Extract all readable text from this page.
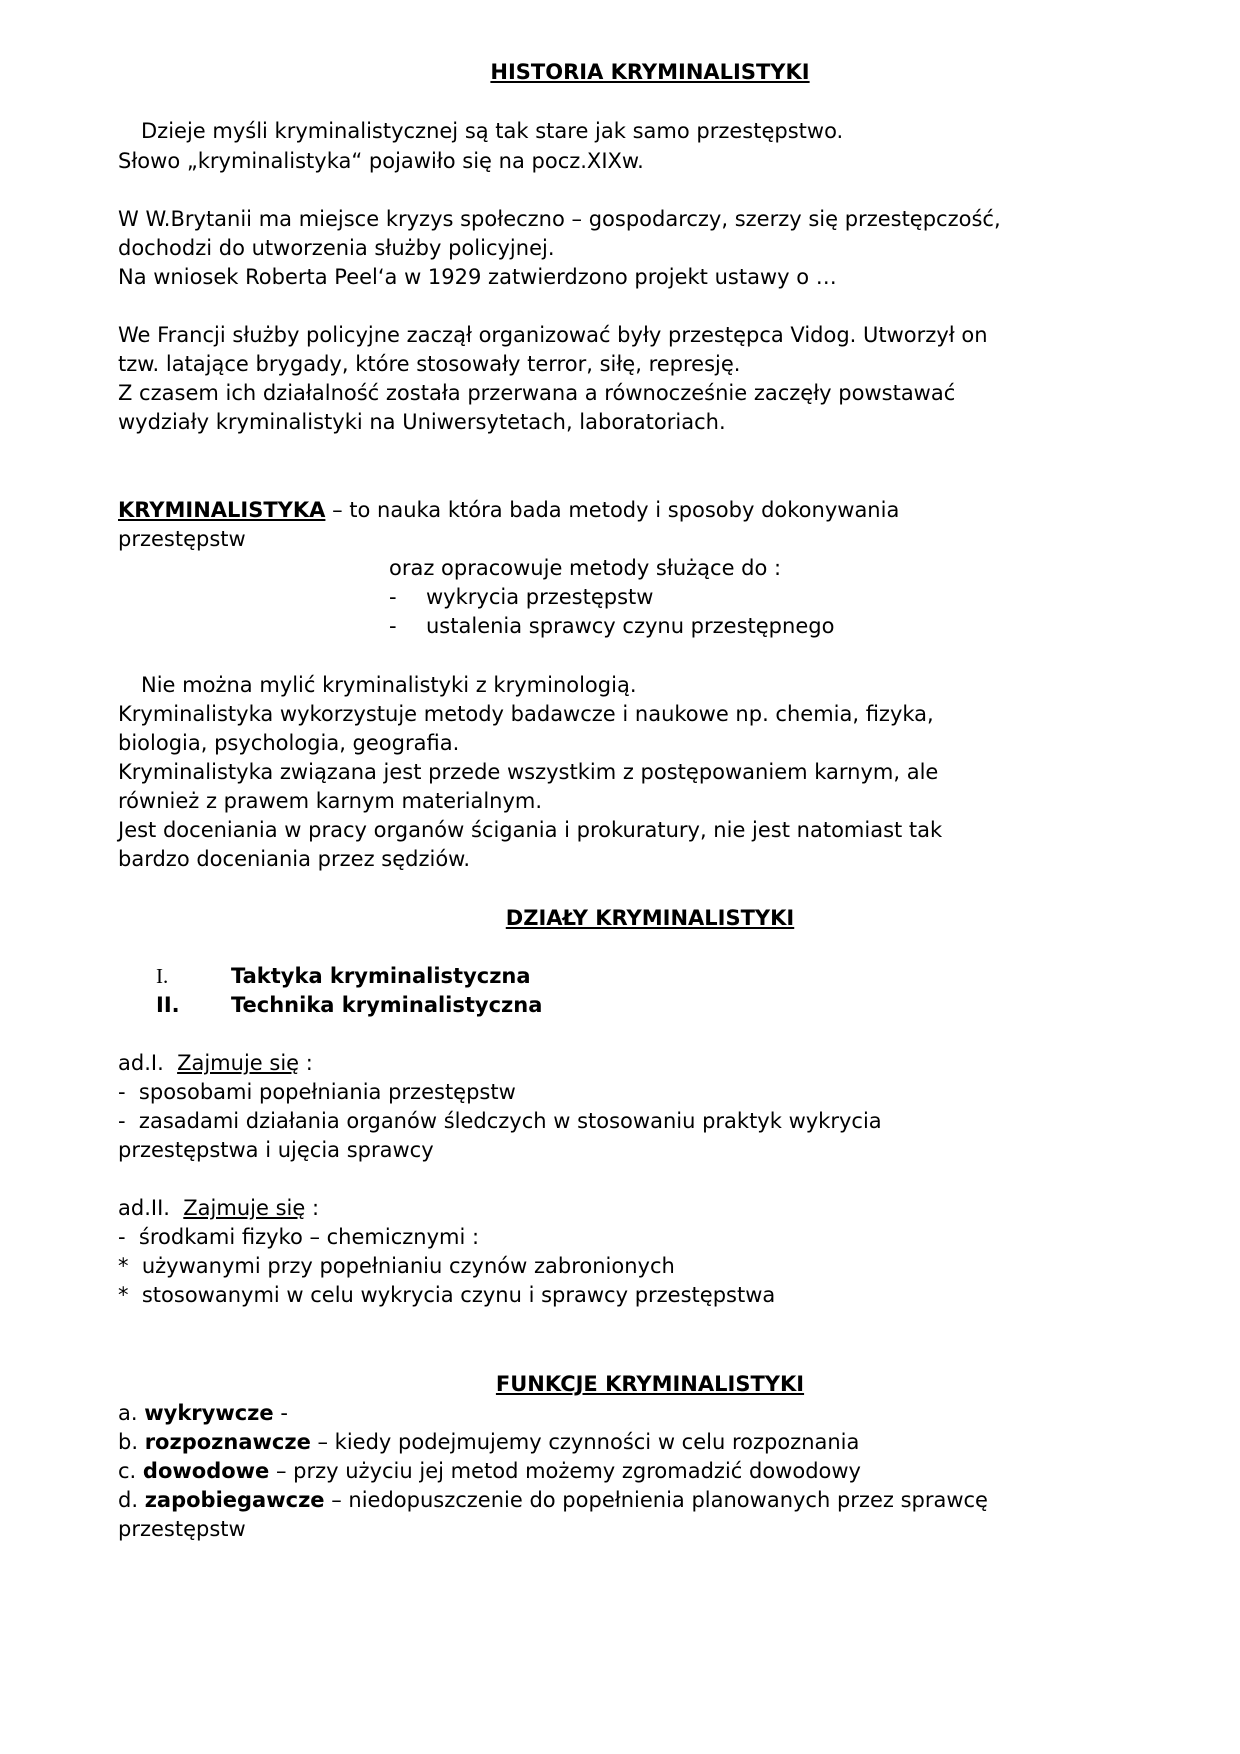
HISTORIA KRYMINALISTYKI
Dzieje myśli kryminalistycznej są tak stare jak samo przestępstwo.
Słowo „kryminalistyka“ pojawiło się na pocz.XIXw.
W W.Brytanii ma miejsce kryzys społeczno – gospodarczy, szerzy się przestępczość,
dochodzi do utworzenia służby policyjnej.
Na wniosek Roberta Peel‘a w 1929 zatwierdzono projekt ustawy o …
We Francji służby policyjne zaczął organizować były przestępca Vidog. Utworzył on
tzw. latające brygady, które stosowały terror, siłę, represję.
Z czasem ich działalność została przerwana a równocześnie zaczęły powstawać
wydziały kryminalistyki na Uniwersytetach, laboratoriach.
KRYMINALISTYKA – to nauka która bada metody i sposoby dokonywania
przestępstw
oraz opracowuje metody służące do :
- wykrycia przestępstw
- ustalenia sprawcy czynu przestępnego
Nie można mylić kryminalistyki z kryminologią.
Kryminalistyka wykorzystuje metody badawcze i naukowe np. chemia, fizyka,
biologia, psychologia, geografia.
Kryminalistyka związana jest przede wszystkim z postępowaniem karnym, ale
również z prawem karnym materialnym.
Jest doceniania w pracy organów ścigania i prokuratury, nie jest natomiast tak
bardzo doceniania przez sędziów.
DZIAŁY KRYMINALISTYKI
I.	Taktyka kryminalistyczna
II. Technika kryminalistyczna
ad.I.  Zajmuje się :
-  sposobami popełniania przestępstw
-  zasadami działania organów śledczych w stosowaniu praktyk wykrycia
przestępstwa i ujęcia sprawcy
ad.II.  Zajmuje się :
-  środkami fizyko – chemicznymi :
*  używanymi przy popełnianiu czynów zabronionych
*  stosowanymi w celu wykrycia czynu i sprawcy przestępstwa
FUNKCJE KRYMINALISTYKI
a. wykrywcze -
b. rozpoznawcze – kiedy podejmujemy czynności w celu rozpoznania
c. dowodowe – przy użyciu jej metod możemy zgromadzić dowodowy
d. zapobiegawcze – niedopuszczenie do popełnienia planowanych przez sprawcę
przestępstw
